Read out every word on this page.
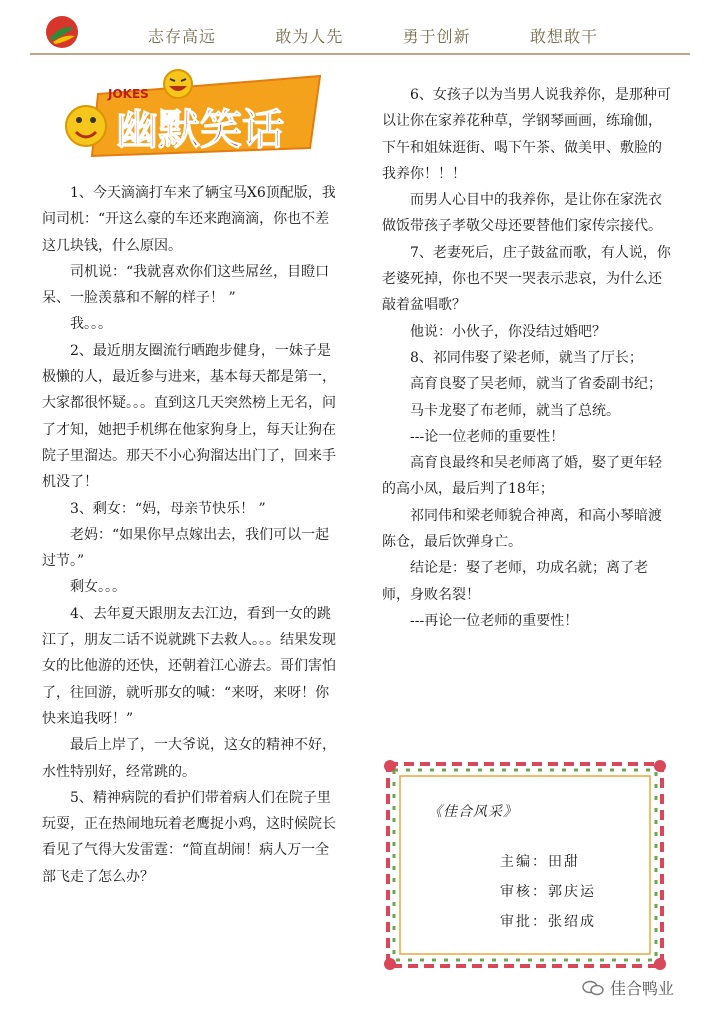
志存高远	敢为人先	勇于创新	敢想敢干
JOKES
幽默笑话

1、今天滴滴打车来了辆宝马X6顶配版，我问司机：“开这么豪的车还来跑滴滴，你也不差这几块钱，什么原因。

司机说：“我就喜欢你们这些屌丝，目瞪口呆、一脸羡慕和不解的样子！ ”

我。。。

2、最近朋友圈流行晒跑步健身，一妹子是极懒的人，最近参与进来，基本每天都是第一，大家都很怀疑。。。直到这几天突然榜上无名，问了才知，她把手机绑在他家狗身上，每天让狗在院子里溜达。那天不小心狗溜达出门了，回来手机没了！

3、剩女：“妈，母亲节快乐！ ”

老妈：“如果你早点嫁出去，我们可以一起过节。”

剩女。。。

4、去年夏天跟朋友去江边，看到一女的跳江了，朋友二话不说就跳下去救人。。。结果发现女的比他游的还快，还朝着江心游去。哥们害怕了，往回游，就听那女的喊：“来呀，来呀！你快来追我呀！”

最后上岸了，一大爷说，这女的精神不好，水性特别好，经常跳的。

5、精神病院的看护们带着病人们在院子里玩耍，正在热闹地玩着老鹰捉小鸡，这时候院长看见了气得大发雷霆：“简直胡闹！病人万一全部飞走了怎么办？

6、女孩子以为当男人说我养你，是那种可以让你在家养花种草，学钢琴画画，练瑜伽，下午和姐妹逛街、喝下午茶、做美甲、敷脸的我养你！！！

而男人心目中的我养你，是让你在家洗衣做饭带孩子孝敬父母还要替他们家传宗接代。

7、老妻死后，庄子鼓盆而歌，有人说，你老婆死掉，你也不哭一哭表示悲哀，为什么还敲着盆唱歌？

他说：小伙子，你没结过婚吧？

8、祁同伟娶了梁老师，就当了厅长；

高育良娶了吴老师，就当了省委副书纪；

马卡龙娶了布老师，就当了总统。

---论一位老师的重要性！

高育良最终和吴老师离了婚，娶了更年轻的高小凤，最后判了18年；

祁同伟和梁老师貌合神离，和高小琴暗渡陈仓，最后饮弹身亡。

结论是：娶了老师，功成名就；离了老师，身败名裂！

---再论一位老师的重要性！

《佳合风采》
主编：田甜
审核：郭庆运
审批：张绍成
佳合鸭业
